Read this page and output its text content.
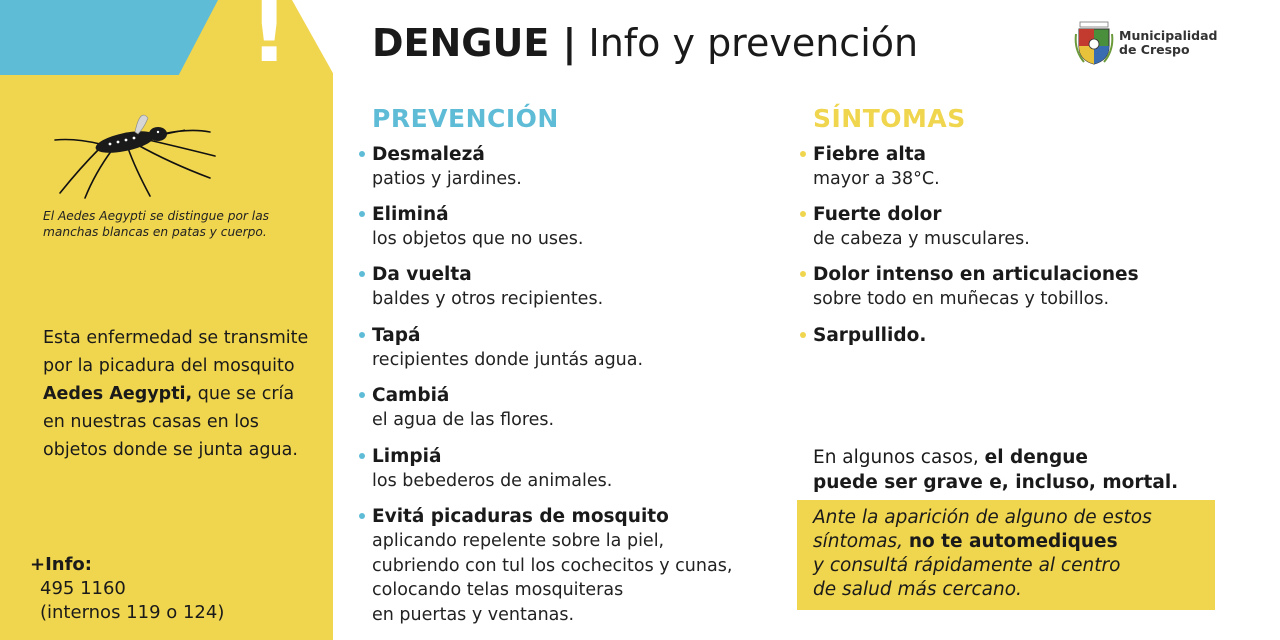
!
El Aedes Aegypti se distingue por las manchas blancas en patas y cuerpo.
Esta enfermedad se transmite por la picadura del mosquito Aedes Aegypti, que se cría en nuestras casas en los objetos donde se junta agua.
+Info:
495 1160
(internos 119 o 124)
DENGUE | Info y prevención	Municipalidad
de Crespo
PREVENCIÓN	SÍNTOMAS
Desmalezá
patios y jardines.
Eliminá
los objetos que no uses.
Da vuelta
baldes y otros recipientes.
Tapá
recipientes donde juntás agua.
Cambiá
el agua de las flores.
Limpiá
los bebederos de animales.
Evitá picaduras de mosquito
aplicando repelente sobre la piel,
cubriendo con tul los cochecitos y cunas,
colocando telas mosquiteras
en puertas y ventanas.
Fiebre alta
mayor a 38°C.
Fuerte dolor
de cabeza y musculares.
Dolor intenso en articulaciones
sobre todo en muñecas y tobillos.
Sarpullido.
En algunos casos, el dengue
puede ser grave e, incluso, mortal.
Ante la aparición de alguno de estos
síntomas, no te automediques
y consultá rápidamente al centro
de salud más cercano.
